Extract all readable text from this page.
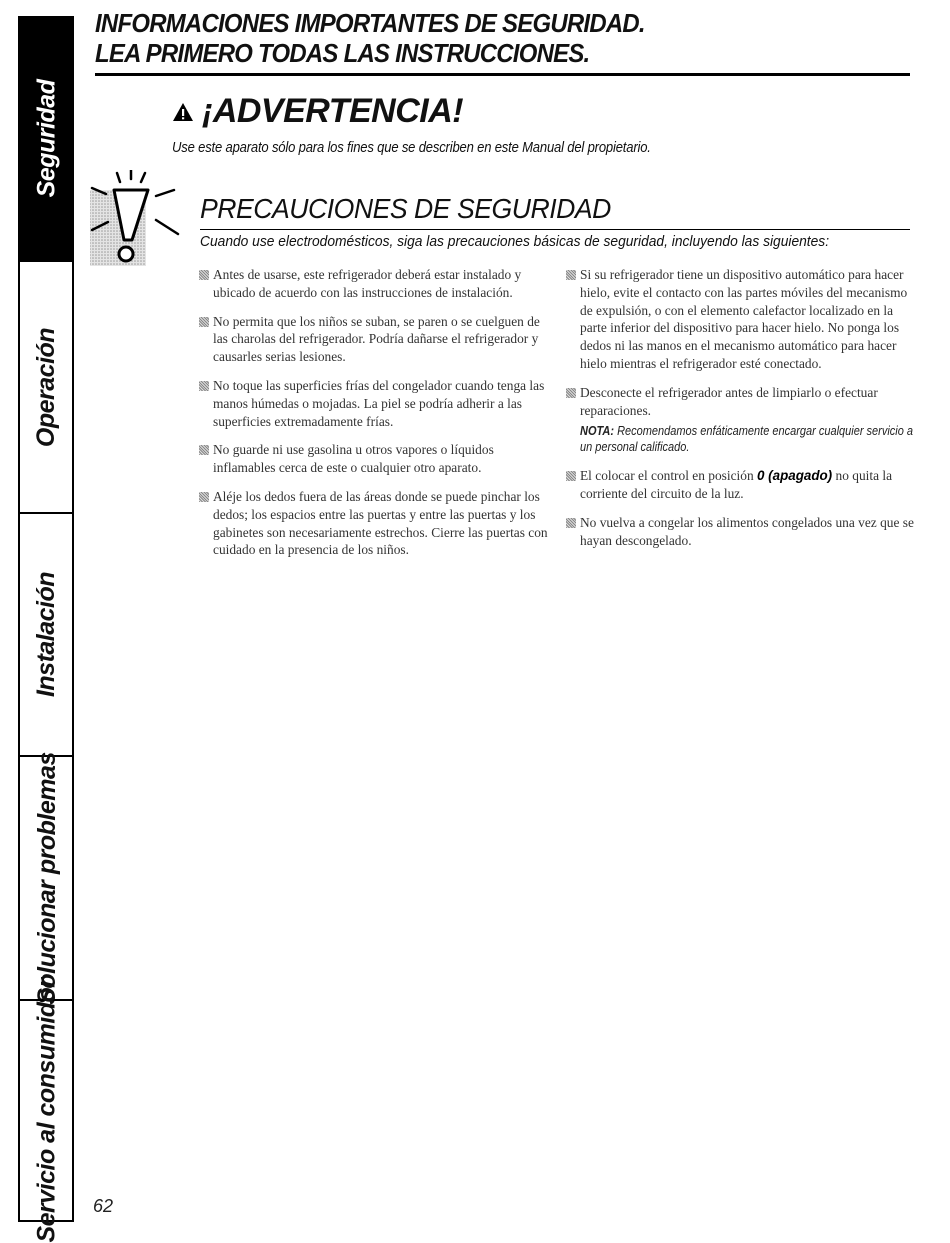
Seguridad
Operación
Instalación
Solucionar problemas
Servicio al consumidor
INFORMACIONES IMPORTANTES DE SEGURIDAD.
LEA PRIMERO TODAS LAS INSTRUCCIONES.
¡ADVERTENCIA!
Use este aparato sólo para los fines que se describen en este Manual del propietario.
PRECAUCIONES DE SEGURIDAD
Cuando use electrodomésticos, siga las precauciones básicas de seguridad, incluyendo las siguientes:
Antes de usarse, este refrigerador deberá estar instalado y ubicado de acuerdo con las instrucciones de instalación.
No permita que los niños se suban, se paren o se cuelguen de las charolas del refrigerador. Podría dañarse el refrigerador y causarles serias lesiones.
No toque las superficies frías del congelador cuando tenga las manos húmedas o mojadas. La piel se podría adherir a las superficies extremadamente frías.
No guarde ni use gasolina u otros vapores o líquidos inflamables cerca de este o cualquier otro aparato.
Aléje los dedos fuera de las áreas donde se puede pinchar los dedos; los espacios entre las puertas y entre las puertas y los gabinetes son necesariamente estrechos. Cierre las puertas con cuidado en la presencia de los niños.
Si su refrigerador tiene un dispositivo automático para hacer hielo, evite el contacto con las partes móviles del mecanismo de expulsión, o con el elemento calefactor localizado en la parte inferior del dispositivo para hacer hielo. No ponga los dedos ni las manos en el mecanismo automático para hacer hielo mientras el refrigerador esté conectado.
Desconecte el refrigerador antes de limpiarlo o efectuar reparaciones.
NOTA: Recomendamos enfáticamente encargar cualquier servicio a un personal calificado.
El colocar el control en posición 0 (apagado) no quita la corriente del circuito de la luz.
No vuelva a congelar los alimentos congelados una vez que se hayan descongelado.
62
